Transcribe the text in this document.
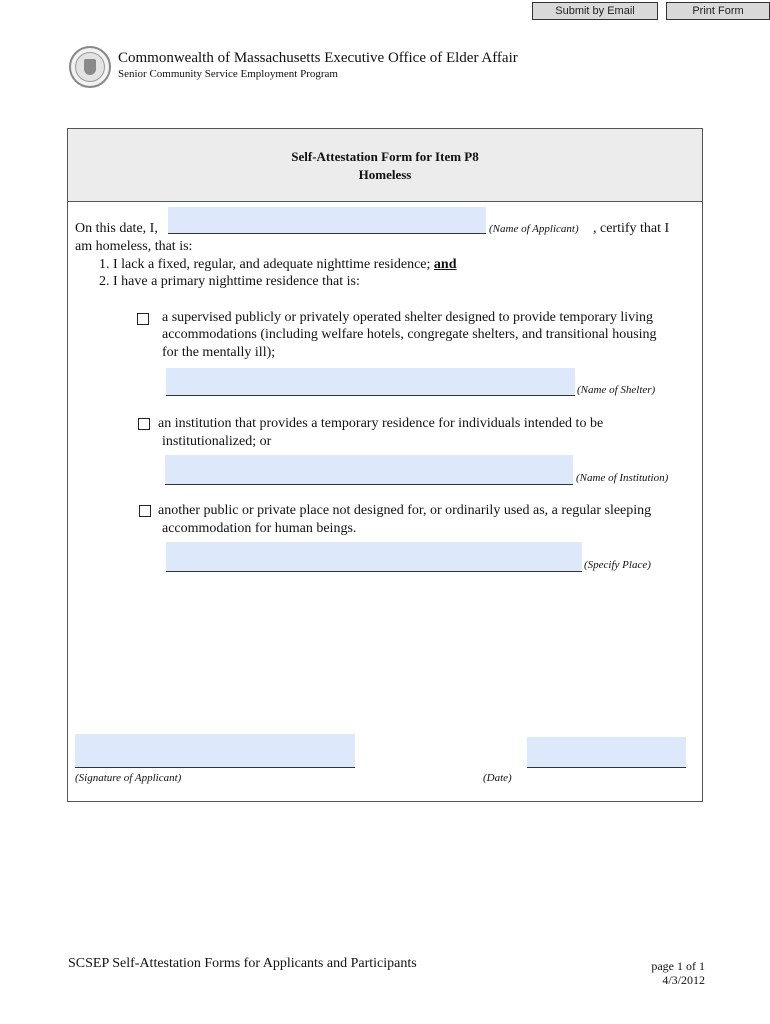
Submit by Email	Print Form
Commonwealth of Massachusetts Executive Office of Elder Affair
Senior Community Service Employment Program
Self-Attestation Form for Item P8
Homeless
On this date, I,	(Name of Applicant) , certify that I
am homeless, that is:
1. I lack a fixed, regular, and adequate nighttime residence; and
2. I have a primary nighttime residence that is:
a supervised publicly or privately operated shelter designed to provide temporary living
accommodations (including welfare hotels, congregate shelters, and transitional housing
for the mentally ill);
(Name of Shelter)
an institution that provides a temporary residence for individuals intended to be
institutionalized; or
(Name of Institution)
another public or private place not designed for, or ordinarily used as, a regular sleeping
accommodation for human beings.
(Specify Place)
(Signature of Applicant)	(Date)
SCSEP Self-Attestation Forms for Applicants and Participants	page 1 of 1
4/3/2012
